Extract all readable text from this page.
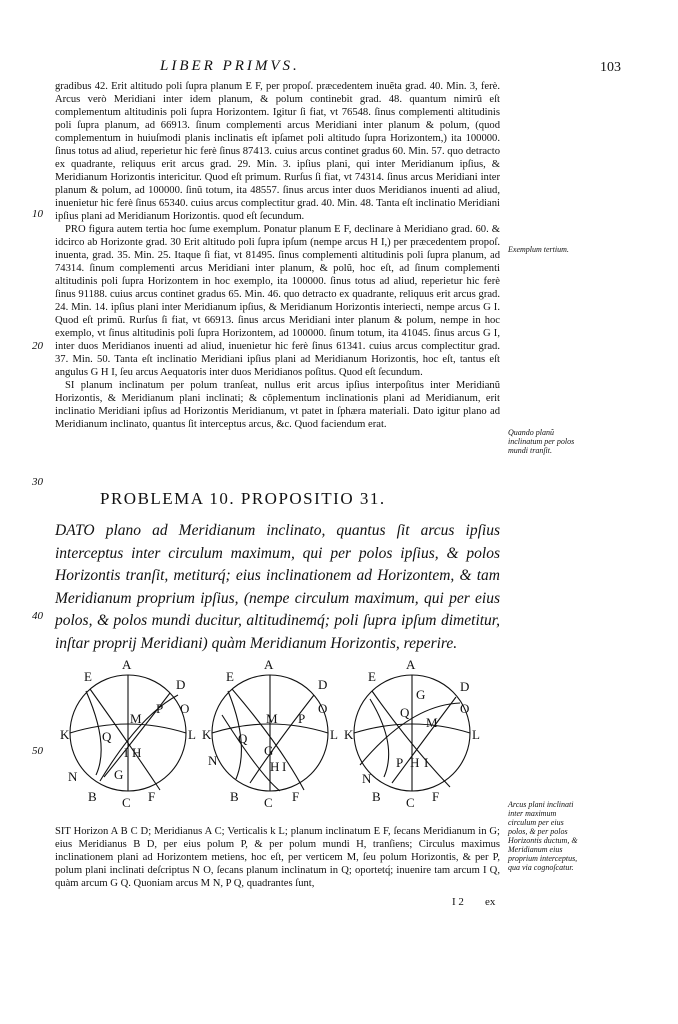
LIBER PRIMVS.	103

gradibus 42. Erit altitudo poli ſupra planum E F, per propoſ. præcedentem inuẽta grad. 40. Min. 3, ferè. Arcus verò Meridiani inter idem planum, & polum continebit grad. 48. quantum nimirũ eſt complementum altitudinis poli ſupra Horizontem. Igitur ſi fiat, vt 76548. ſinus complementi altitudinis poli ſupra planum, ad 66913. ſinum complementi arcus Meridiani inter planum & polum, (quod complementum in huiuſmodi planis inclinatis eſt ipſamet poli altitudo ſupra Horizontem,) ita 100000. ſinus totus ad aliud, reperietur hic ferè ſinus 87413. cuius arcus continet gradus 60. Min. 57. quo detracto ex quadrante, reliquus erit arcus grad. 29. Min. 3. ipſius plani, qui inter Meridianum ipſius, & Meridianum Horizontis intericitur. Quod eſt primum. Rurſus ſi fiat, vt 74314. ſinus arcus Meridiani inter planum & polum, ad 100000. ſinũ totum, ita 48557. ſinus arcus inter duos Meridianos inuenti ad aliud, inuenietur hic ferè ſinus 65340. cuius arcus complectitur grad. 40. Min. 48. Tanta eſt inclinatio Meridiani ipſius plani ad Meridianum Horizontis. quod eſt ſecundum.

PRO figura autem tertia hoc ſume exemplum. Ponatur planum E F, declinare à Meridiano grad. 60. & idcirco ab Horizonte grad. 30 Erit altitudo poli ſupra ipſum (nempe arcus H I,) per præcedentem propoſ. inuenta, grad. 35. Min. 25. Itaque ſi fiat, vt 81495. ſinus complementi altitudinis poli ſupra planum, ad 74314. ſinum complementi arcus Meridiani inter planum, & polũ, hoc eſt, ad ſinum complementi altitudinis poli ſupra Horizontem in hoc exemplo, ita 100000. ſinus totus ad aliud, reperietur hic ferè ſinus 91188. cuius arcus continet gradus 65. Min. 46. quo detracto ex quadrante, reliquus erit arcus grad. 24. Min. 14. ipſius plani inter Meridianum ipſius, & Meridianum Horizontis interiecti, nempe arcus G I. Quod eſt primũ. Rurſus ſi fiat, vt 66913. ſinus arcus Meridiani inter planum & polum, nempe in hoc exemplo, vt ſinus altitudinis poli ſupra Horizontem, ad 100000. ſinum totum, ita 41045. ſinus arcus G I, inter duos Meridianos inuenti ad aliud, inuenietur hic ferè ſinus 61341. cuius arcus complectitur grad. 37. Min. 50. Tanta eſt inclinatio Meridiani ipſius plani ad Meridianum Horizontis, hoc eſt, tantus eſt angulus G H I, ſeu arcus Aequatoris inter duos Meridianos poſitus. Quod eſt ſecundum.

SI planum inclinatum per polum tranſeat, nullus erit arcus ipſius interpoſitus inter Meridianũ Horizontis, & Meridianum plani inclinati; & cõplementum inclinationis plani ad Meridianum, erit inclinatio Meridiani ipſius ad Horizontis Meridianum, vt patet in ſphæra materiali. Dato igitur plano ad Meridianum inclinato, quantus ſit interceptus arcus, &c. Quod faciendum erat.

10
20
30
40
50
Exemplum tertium.
Quando planũ inclinatum per polos mundi tranſit.
Arcus plani inclinati inter maximum circulum per eius polos, & per polos Horizontis ductum, & Meridianum eius proprium interceptus, qua via cognoſcatur.
PROBLEMA 10. PROPOSITIO 31.

DATO plano ad Meridianum inclinato, quantus ſit arcus ipſius interceptus inter circulum maximum, qui per polos ipſius, & polos Horizontis tranſit, metiturq́; eius inclinationem ad Horizontem, & tam Meridianum proprium ipſius, (nempe circulum maximum, qui per eius polos, & polos mundi ducitur, altitudinemq́; poli ſupra ipſum dimetitur, inſtar proprij Meridiani) quàm Meridianum Horizontis, reperire.

A
E
D
P O
M
K	L
Q
I H
N	G
B C F
A
E
D
M P
O
K	L
Q
G
N	H I
B C F
A
E
G
D
O
Q
K
M
L
N
P H I
B C F
SIT Horizon A B C D; Meridianus A C; Verticalis k L; planum inclinatum E F, ſecans Meridianum in G; eius Meridianus B D, per eius polum P, & per polum mundi H, tranſiens; Circulus maximus inclinationem plani ad Horizontem metiens, hoc eſt, per verticem M, ſeu polum Horizontis, & per P, polum plani inclinati deſcriptus N O, ſecans planum inclinatum in Q; oportetq́; inuenire tam arcum I Q, quàm arcum G Q. Quoniam arcus M N, P Q, quadrantes ſunt,
I 2 ex
